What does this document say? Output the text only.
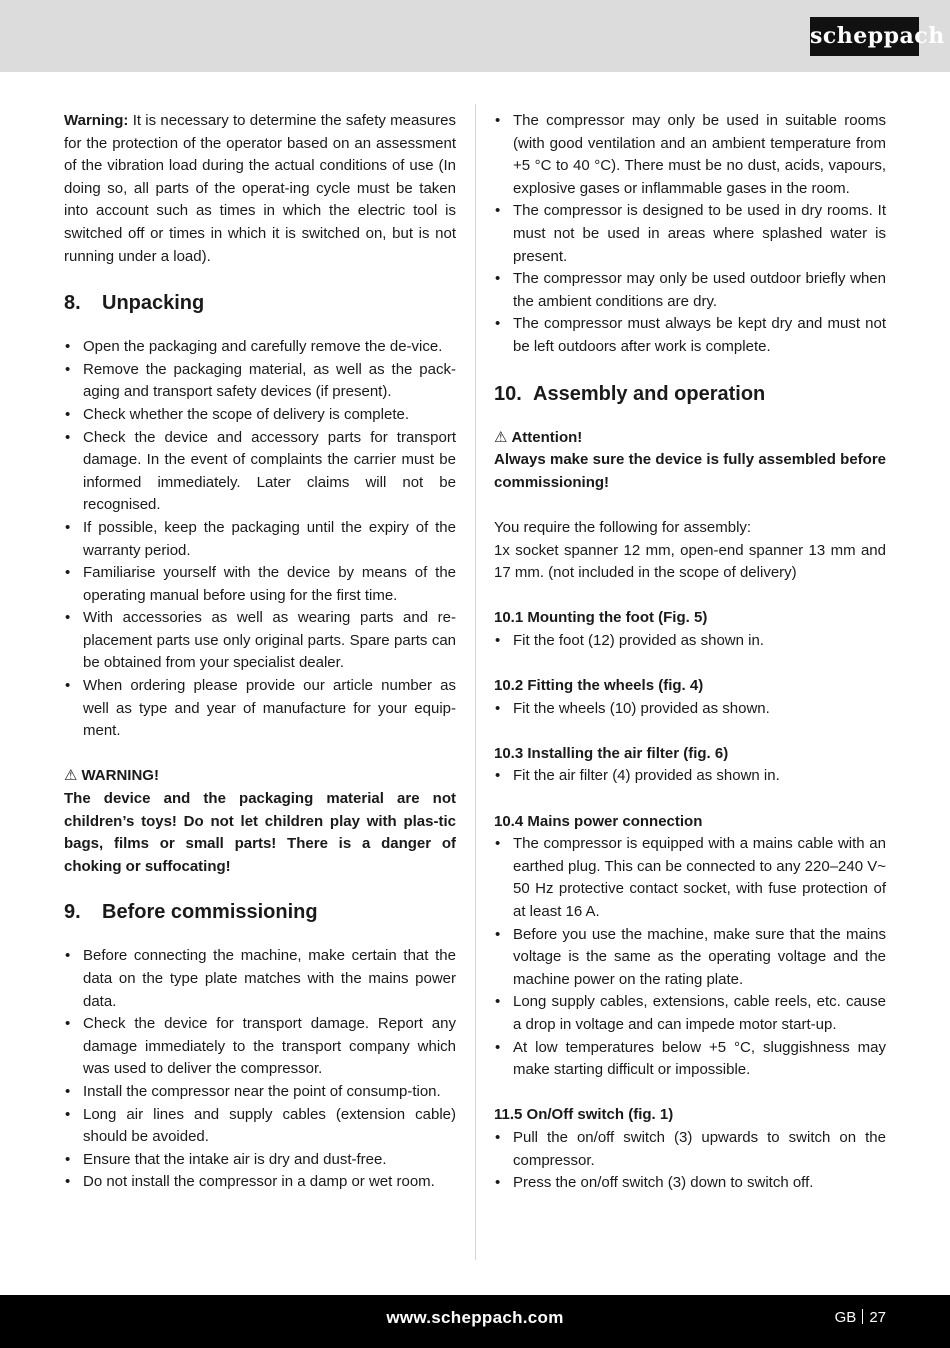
scheppach

Warning: It is necessary to determine the safety measures for the protection of the operator based on an assessment of the vibration load during the actual conditions of use (In doing so, all parts of the operat-ing cycle must be taken into account such as times in which the electric tool is switched off or times in which it is switched on, but is not running under a load).

8.	Unpacking
• Open the packaging and carefully remove the de-vice.
• Remove the packaging material, as well as the pack-aging and transport safety devices (if present).
• Check whether the scope of delivery is complete.
• Check the device and accessory parts for transport damage. In the event of complaints the carrier must be informed immediately. Later claims will not be recognised.
• If possible, keep the packaging until the expiry of the warranty period.
• Familiarise yourself with the device by means of the operating manual before using for the first time.
• With accessories as well as wearing parts and re-placement parts use only original parts. Spare parts can be obtained from your specialist dealer.
• When ordering please provide our article number as well as type and year of manufacture for your equip-ment.

⚠ WARNING!

The device and the packaging material are not children’s toys! Do not let children play with plas-tic bags, films or small parts! There is a danger of choking or suffocating!

9.	Before commissioning
• Before connecting the machine, make certain that the data on the type plate matches with the mains power data.
• Check the device for transport damage. Report any damage immediately to the transport company which was used to deliver the compressor.
• Install the compressor near the point of consump-tion.
• Long air lines and supply cables (extension cable) should be avoided.
• Ensure that the intake air is dry and dust-free.
• Do not install the compressor in a damp or wet room.
• The compressor may only be used in suitable rooms (with good ventilation and an ambient temperature from +5 °C to 40 °C). There must be no dust, acids, vapours, explosive gases or inflammable gases in the room.
• The compressor is designed to be used in dry rooms. It must not be used in areas where splashed water is present.
• The compressor may only be used outdoor briefly when the ambient conditions are dry.
• The compressor must always be kept dry and must not be left outdoors after work is complete.
10. Assembly and operation

⚠ Attention!

Always make sure the device is fully assembled before commissioning!

You require the following for assembly:

1x socket spanner 12 mm, open-end spanner 13 mm and 17 mm. (not included in the scope of delivery)

10.1 Mounting the foot (Fig. 5)
• Fit the foot (12) provided as shown in.
10.2 Fitting the wheels (fig. 4)
• Fit the wheels (10) provided as shown.
10.3 Installing the air filter (fig. 6)
• Fit the air filter (4) provided as shown in.
10.4 Mains power connection
• The compressor is equipped with a mains cable with an earthed plug. This can be connected to any 220–240 V~ 50 Hz protective contact socket, with fuse protection of at least 16 A.
• Before you use the machine, make sure that the mains voltage is the same as the operating voltage and the machine power on the rating plate.
• Long supply cables, extensions, cable reels, etc. cause a drop in voltage and can impede motor start-up.
• At low temperatures below +5 °C, sluggishness may make starting difficult or impossible.
11.5 On/Off switch (fig. 1)
• Pull the on/off switch (3) upwards to switch on the compressor.
• Press the on/off switch (3) down to switch off.
www.scheppach.com	GB 27
